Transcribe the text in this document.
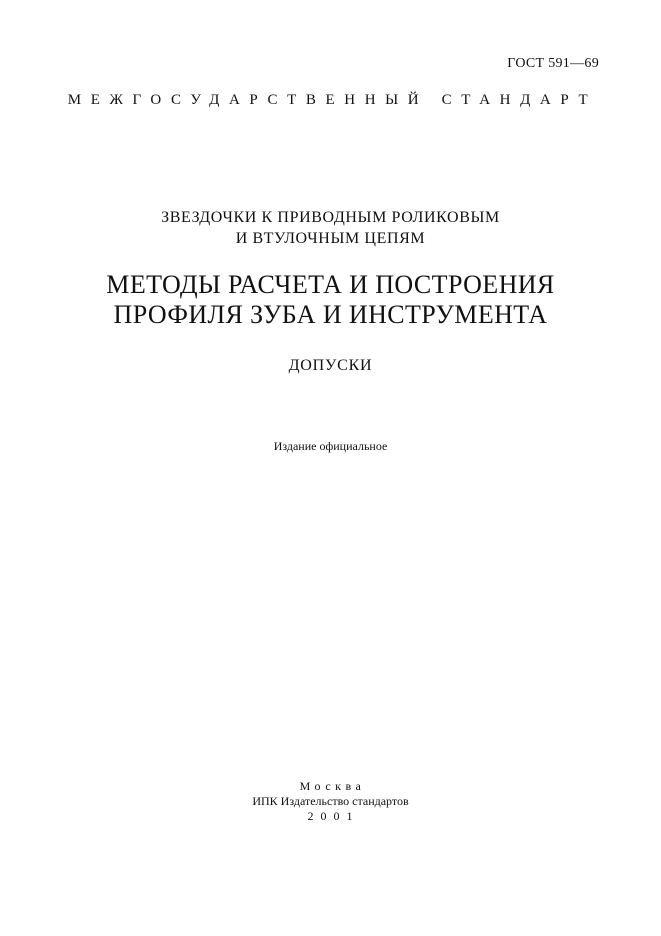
ГОСТ 591—69
МЕЖГОСУДАРСТВЕННЫЙ СТАНДАРТ
ЗВЕЗДОЧКИ К ПРИВОДНЫМ РОЛИКОВЫМ
И ВТУЛОЧНЫМ ЦЕПЯМ
МЕТОДЫ РАСЧЕТА И ПОСТРОЕНИЯ
ПРОФИЛЯ ЗУБА И ИНСТРУМЕНТА
ДОПУСКИ
Издание официальное
Москва
ИПК Издательство стандартов
2001
